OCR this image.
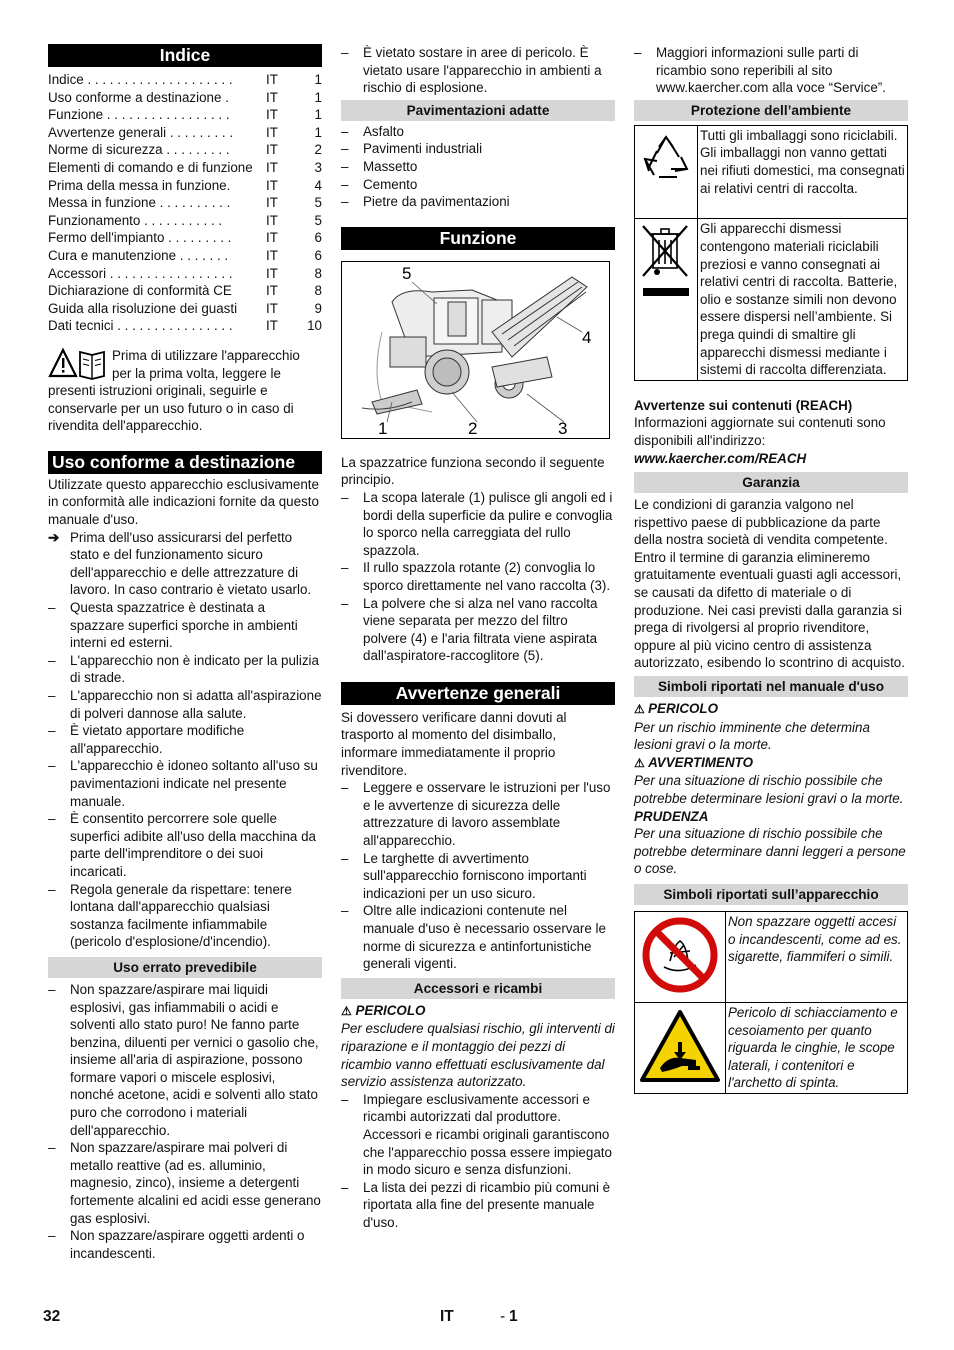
Indice
Indice . . . . . . . . . . . . . . . . . . . .	IT	1
Uso conforme a destinazione .	IT	1
Funzione . . . . . . . . . . . . . . . . .	IT	1
Avvertenze generali . . . . . . . . .	IT	1
Norme di sicurezza . . . . . . . . .	IT	2
Elementi di comando e di funzione IT	3
Prima della messa in funzione.	IT	4
Messa in funzione . . . . . . . . . .	IT	5
Funzionamento . . . . . . . . . . .	IT	5
Fermo dell'impianto . . . . . . . . .	IT	6
Cura e manutenzione . . . . . . .	IT	6
Accessori . . . . . . . . . . . . . . . . .	IT	8
Dichiarazione di conformità CE	IT	8
Guida alla risoluzione dei guasti	IT	9
Dati tecnici . . . . . . . . . . . . . . . .	IT	10

Prima di utilizzare l'apparecchio per la prima volta, leggere le presenti istruzioni originali, seguirle e conservarle per un uso futuro o in caso di rivendita dell'apparecchio.

Uso conforme a destinazione

Utilizzate questo apparecchio esclusivamente in conformità alle indicazioni fornite da questo manuale d'uso.

➔ Prima dell'uso assicurarsi del perfetto stato e del funzionamento sicuro dell'apparecchio e delle attrezzature di lavoro. In caso contrario è vietato usarlo.
– Questa spazzatrice è destinata a spazzare superfici sporche in ambienti interni ed esterni.
– L'apparecchio non è indicato per la pulizia di strade.
– L'apparecchio non si adatta all'aspirazione di polveri dannose alla salute.
– È vietato apportare modifiche all'apparecchio.
– L'apparecchio è idoneo soltanto all'uso su pavimentazioni indicate nel presente manuale.
– È consentito percorrere sole quelle superfici adibite all'uso della macchina da parte dell'imprenditore o dei suoi incaricati.
– Regola generale da rispettare: tenere lontana dall'apparecchio qualsiasi sostanza facilmente infiammabile (pericolo d'esplosione/d'incendio).
Uso errato prevedibile
– Non spazzare/aspirare mai liquidi esplosivi, gas infiammabili o acidi e solventi allo stato puro! Ne fanno parte benzina, diluenti per vernici o gasolio che, insieme all'aria di aspirazione, possono formare vapori o miscele esplosivi, nonché acetone, acidi e solventi allo stato puro che corrodono i materiali dell'apparecchio.
– Non spazzare/aspirare mai polveri di metallo reattive (ad es. alluminio, magnesio, zinco), insieme a detergenti fortemente alcalini ed acidi esse generano gas esplosivi.
– Non spazzare/aspirare oggetti ardenti o incandescenti.
– È vietato sostare in aree di pericolo. È vietato usare l'apparecchio in ambienti a rischio di esplosione.
Pavimentazioni adatte
– Asfalto
– Pavimenti industriali
– Massetto
– Cemento
– Pietre da pavimentazioni
Funzione
5
4
1	2	3

La spazzatrice funziona secondo il seguente principio.

– La scopa laterale (1) pulisce gli angoli ed i bordi della superficie da pulire e convoglia lo sporco nella carreggiata del rullo spazzola.
– Il rullo spazzola rotante (2) convoglia lo sporco direttamente nel vano raccolta (3).
– La polvere che si alza nel vano raccolta viene separata per mezzo del filtro polvere (4) e l'aria filtrata viene aspirata dall'aspiratore-raccoglitore (5).
Avvertenze generali

Si dovessero verificare danni dovuti al trasporto al momento del disimballo, informare immediatamente il proprio rivenditore.

– Leggere e osservare le istruzioni per l'uso e le avvertenze di sicurezza delle attrezzature di lavoro assemblate all'apparecchio.
– Le targhette di avvertimento sull'apparecchio forniscono importanti indicazioni per un uso sicuro.
– Oltre alle indicazioni contenute nel manuale d'uso è necessario osservare le norme di sicurezza e antinfortunistiche generali vigenti.
Accessori e ricambi
⚠ PERICOLO

Per escludere qualsiasi rischio, gli interventi di riparazione e il montaggio dei pezzi di ricambio vanno effettuati esclusivamente dal servizio assistenza autorizzato.

– Impiegare esclusivamente accessori e ricambi autorizzati dal produttore. Accessori e ricambi originali garantiscono che l'apparecchio possa essere impiegato in modo sicuro e senza disfunzioni.
– La lista dei pezzi di ricambio più comuni è riportata alla fine del presente manuale d'uso.
– Maggiori informazioni sulle parti di ricambio sono reperibili al sito www.kaercher.com alla voce “Service”.
Protezione dell’ambiente
	Tutti gli imballaggi sono riciclabili. Gli imballaggi non vanno gettati nei rifiuti domestici, ma consegnati ai relativi centri di raccolta.
	Gli apparecchi dismessi contengono materiali riciclabili preziosi e vanno consegnati ai relativi centri di raccolta. Batterie, olio e sostanze simili non devono essere dispersi nell’ambiente. Si prega quindi di smaltire gli apparecchi dismessi mediante i sistemi di raccolta differenziata.
Avvertenze sui contenuti (REACH)

Informazioni aggiornate sui contenuti sono disponibili all'indirizzo:

www.kaercher.com/REACH
Garanzia

Le condizioni di garanzia valgono nel rispettivo paese di pubblicazione da parte della nostra società di vendita competente. Entro il termine di garanzia elimineremo gratuitamente eventuali guasti agli accessori, se causati da difetto di materiale o di produzione. Nei casi previsti dalla garanzia si prega di rivolgersi al proprio rivenditore, oppure al più vicino centro di assistenza autorizzato, esibendo lo scontrino di acquisto.

Simboli riportati nel manuale d'uso
⚠ PERICOLO

Per un rischio imminente che determina lesioni gravi o la morte.

⚠ AVVERTIMENTO

Per una situazione di rischio possibile che potrebbe determinare lesioni gravi o la morte.

PRUDENZA

Per una situazione di rischio possibile che potrebbe determinare danni leggeri a persone o cose.

Simboli riportati sull’apparecchio
	Non spazzare oggetti accesi o incandescenti, come ad es. sigarette, fiammiferi o simili.
	Pericolo di schiacciamento e cesoiamento per quanto riguarda le cinghie, le scope laterali, i contenitori e l'archetto di spinta.
32	IT	- 1
